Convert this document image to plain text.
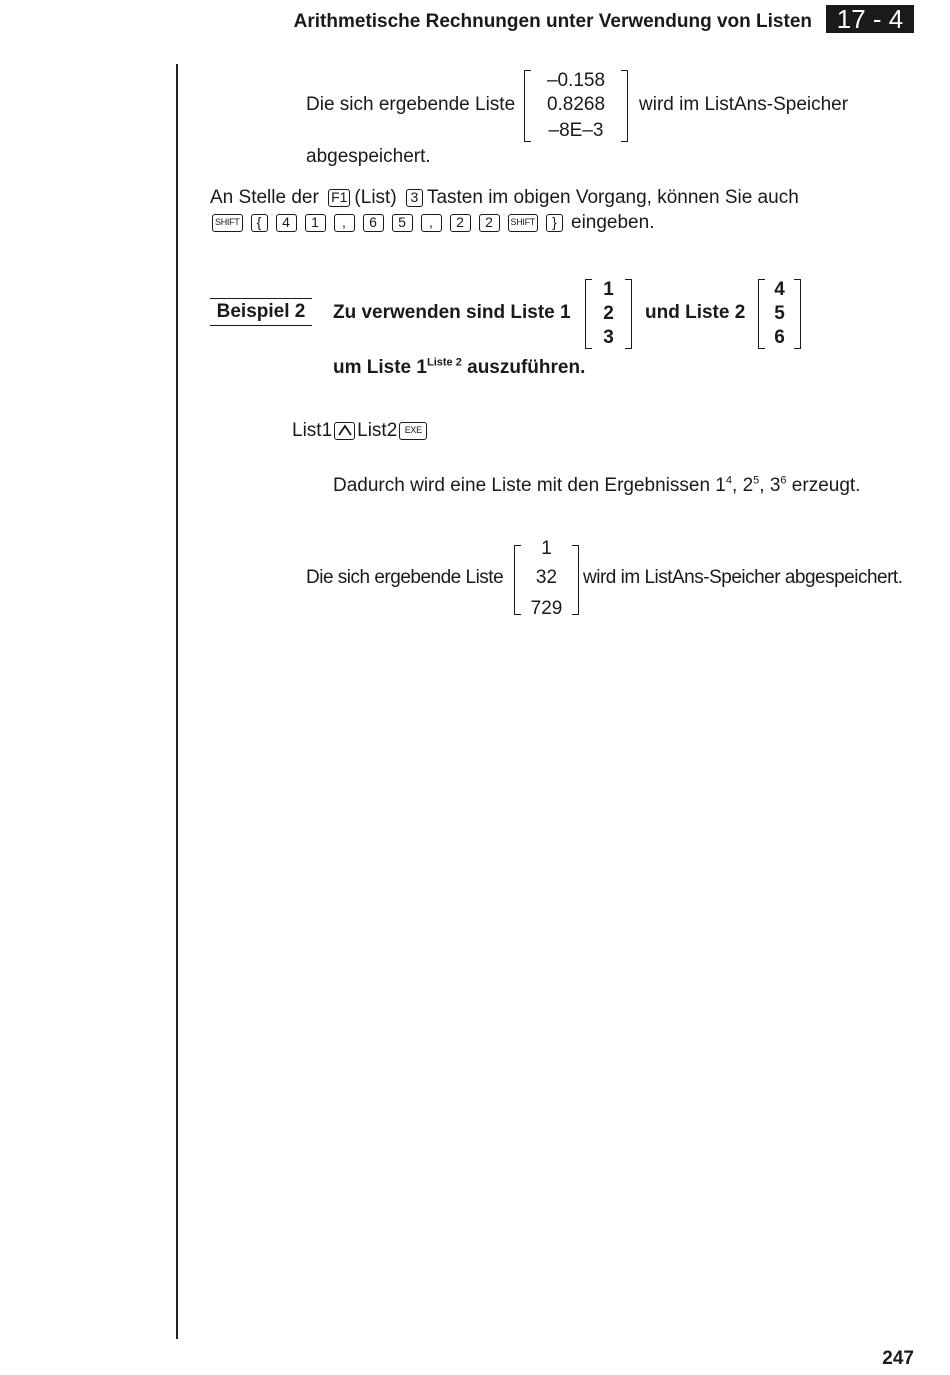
Arithmetische Rechnungen unter Verwendung von Listen 17 - 4
Die sich ergebende Liste
–0.158
0.8268
–8E–3
wird im ListAns-Speicher
abgespeichert.
An Stelle der F1 (List) 3 Tasten im obigen Vorgang, können Sie auch
SHIFT { 4 1 , 6 5 , 2 2 SHIFT } eingeben.
Beispiel 2	Zu verwenden sind Liste 1
1
2
3
und Liste 2
4
5
6
um Liste $1^{Liste 2}$ auszuführen.
List1 List2 EXE
Dadurch wird eine Liste mit den Ergebnissen $1^4$, $2^5$, $3^6$ erzeugt.
Die sich ergebende Liste
1
32
729
wird im ListAns-Speicher abgespeichert.
247
